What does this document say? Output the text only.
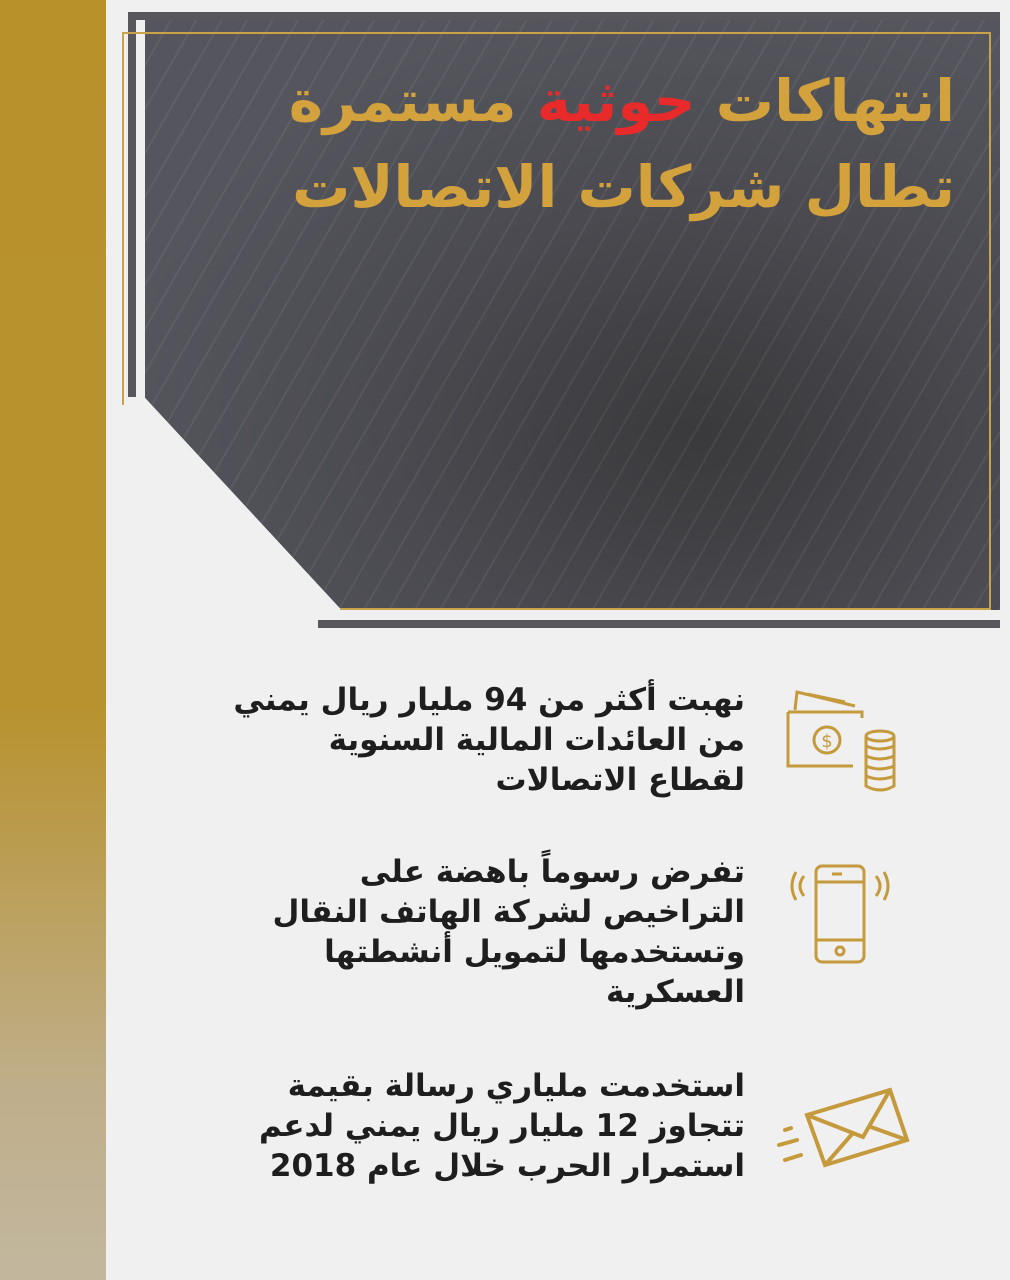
انتهاكات حوثية مستمرة
تطال شركات الاتصالات
نهبت أكثر من 94 مليار ريال يمني
من العائدات المالية السنوية
لقطاع الاتصالات
$
تفرض رسوماً باهضة على
التراخيص لشركة الهاتف النقال
وتستخدمها لتمويل أنشطتها
العسكرية
استخدمت ملياري رسالة بقيمة
تتجاوز 12 مليار ريال يمني لدعم
استمرار الحرب خلال عام 2018
